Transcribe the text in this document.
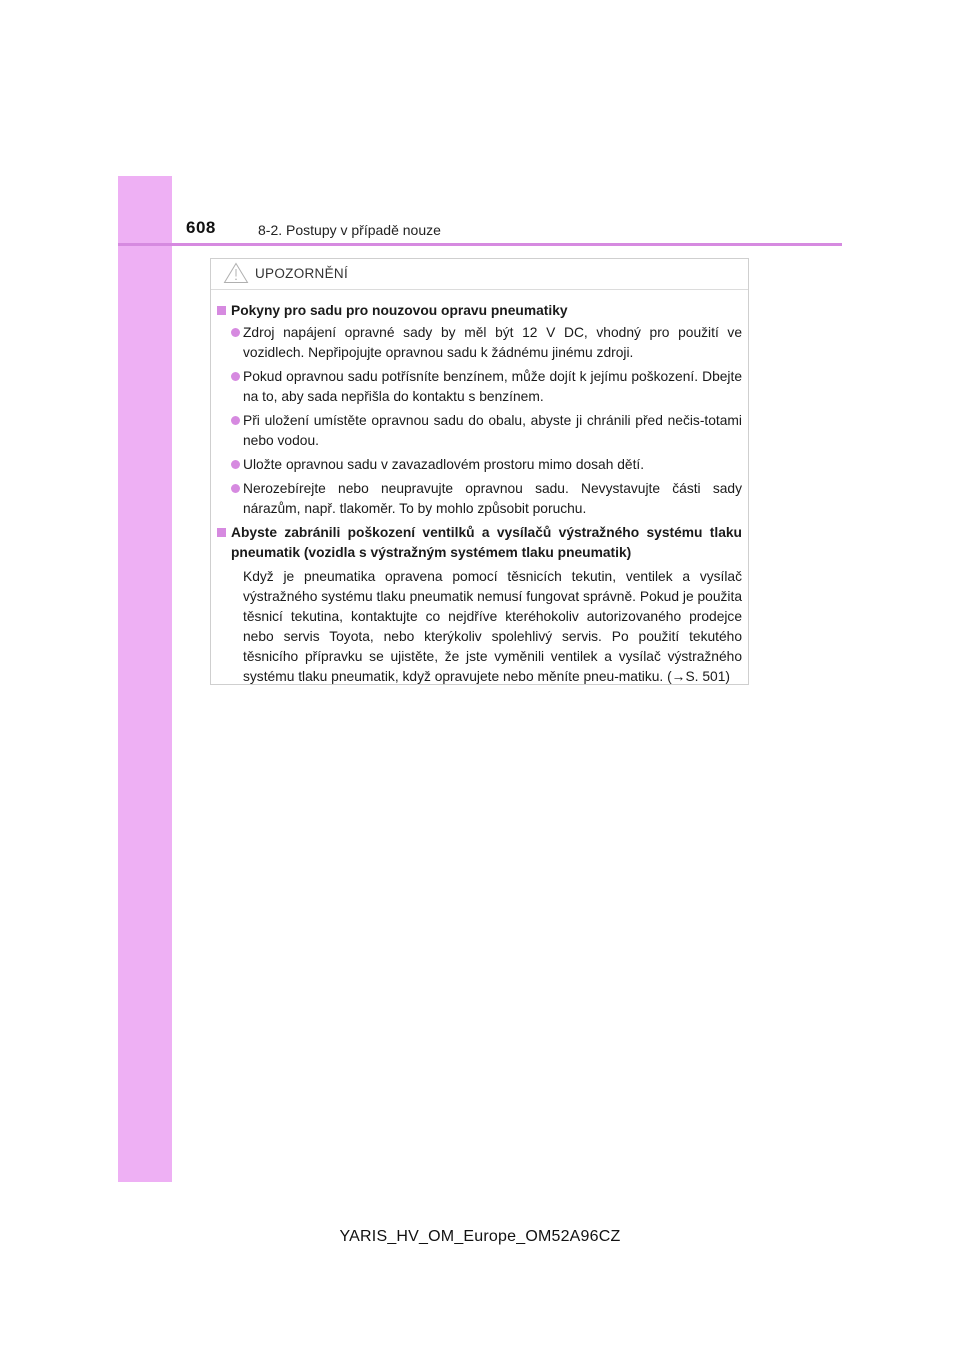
608	8-2. Postupy v případě nouze
UPOZORNĚNÍ
Pokyny pro sadu pro nouzovou opravu pneumatiky
Zdroj napájení opravné sady by měl být 12 V DC, vhodný pro použití ve vozidlech. Nepřipojujte opravnou sadu k žádnému jinému zdroji.
Pokud opravnou sadu potřísníte benzínem, může dojít k jejímu poškození. Dbejte na to, aby sada nepřišla do kontaktu s benzínem.
Při uložení umístěte opravnou sadu do obalu, abyste ji chránili před nečis-totami nebo vodou.
Uložte opravnou sadu v zavazadlovém prostoru mimo dosah dětí.
Nerozebírejte nebo neupravujte opravnou sadu. Nevystavujte části sady nárazům, např. tlakoměr. To by mohlo způsobit poruchu.
Abyste zabránili poškození ventilků a vysílačů výstražného systému tlaku pneumatik (vozidla s výstražným systémem tlaku pneumatik)
Když je pneumatika opravena pomocí těsnicích tekutin, ventilek a vysílač výstražného systému tlaku pneumatik nemusí fungovat správně. Pokud je použita těsnicí tekutina, kontaktujte co nejdříve kteréhokoliv autorizovaného prodejce nebo servis Toyota, nebo kterýkoliv spolehlivý servis. Po použití tekutého těsnicího přípravku se ujistěte, že jste vyměnili ventilek a vysílač výstražného systému tlaku pneumatik, když opravujete nebo měníte pneu-matiku. (→S. 501)
YARIS_HV_OM_Europe_OM52A96CZ
